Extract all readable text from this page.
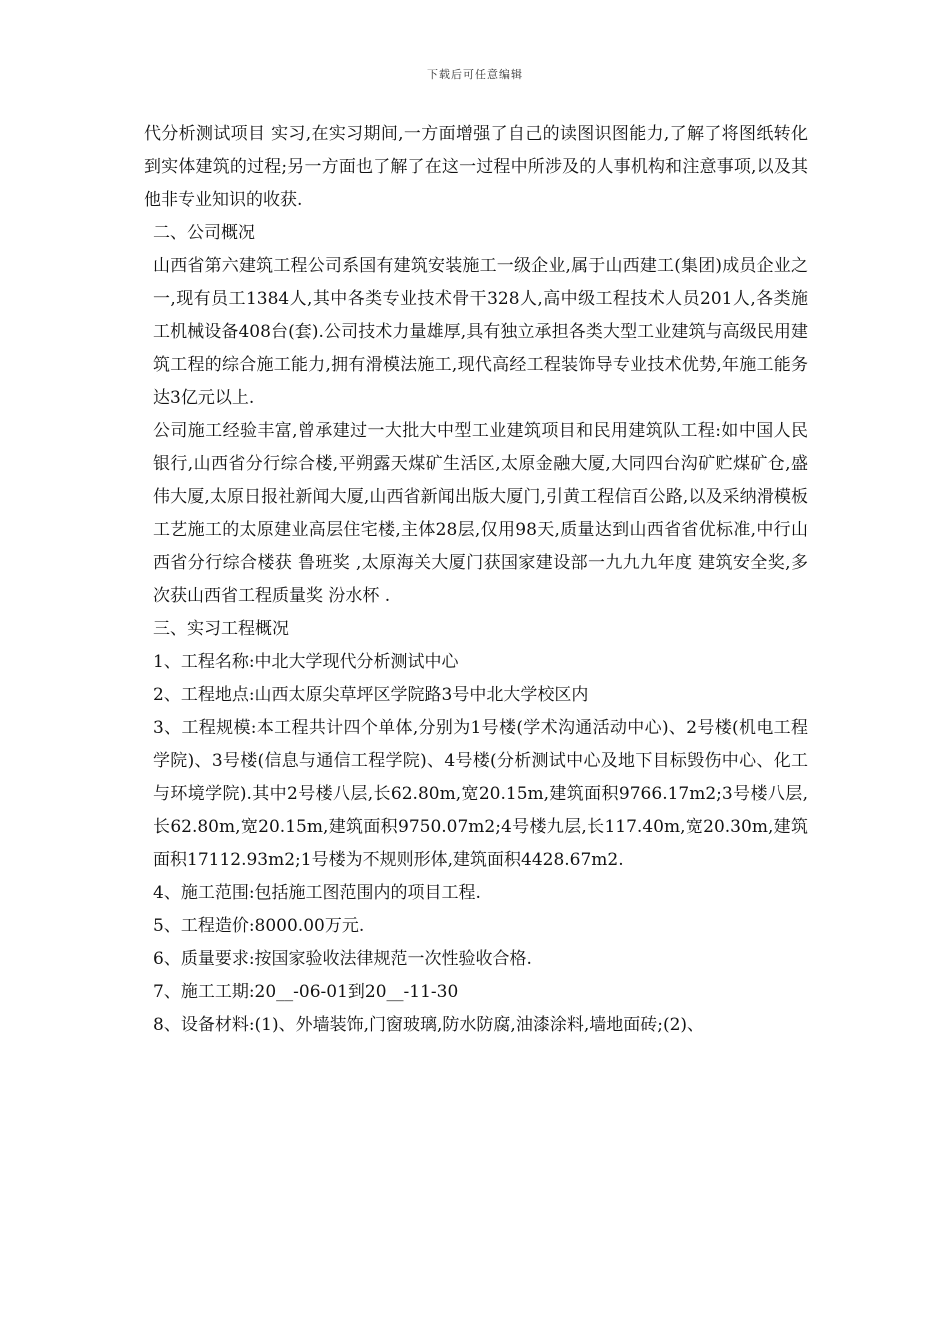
下载后可任意编辑

代分析测试项目 实习,在实习期间,一方面增强了自己的读图识图能力,了解了将图纸转化到实体建筑的过程;另一方面也了解了在这一过程中所涉及的人事机构和注意事项,以及其他非专业知识的收获.

二、公司概况

山西省第六建筑工程公司系国有建筑安装施工一级企业,属于山西建工(集团)成员企业之一,现有员工1384人,其中各类专业技术骨干328人,高中级工程技术人员201人,各类施工机械设备408台(套).公司技术力量雄厚,具有独立承担各类大型工业建筑与高级民用建筑工程的综合施工能力,拥有滑模法施工,现代高经工程装饰导专业技术优势,年施工能务达3亿元以上.

公司施工经验丰富,曾承建过一大批大中型工业建筑项目和民用建筑队工程:如中国人民银行,山西省分行综合楼,平朔露天煤矿生活区,太原金融大厦,大同四台沟矿贮煤矿仓,盛伟大厦,太原日报社新闻大厦,山西省新闻出版大厦门,引黄工程信百公路,以及采纳滑模板工艺施工的太原建业高层住宅楼,主体28层,仅用98天,质量达到山西省省优标准,中行山西省分行综合楼获 鲁班奖 ,太原海关大厦门获国家建设部一九九九年度 建筑安全奖,多次获山西省工程质量奖 汾水杯 .

三、实习工程概况

1、工程名称:中北大学现代分析测试中心

2、工程地点:山西太原尖草坪区学院路3号中北大学校区内

3、工程规模:本工程共计四个单体,分别为1号楼(学术沟通活动中心)、2号楼(机电工程学院)、3号楼(信息与通信工程学院)、4号楼(分析测试中心及地下目标毁伤中心、化工与环境学院).其中2号楼八层,长62.80m,宽20.15m,建筑面积9766.17m2;3号楼八层,长62.80m,宽20.15m,建筑面积9750.07m2;4号楼九层,长117.40m,宽20.30m,建筑面积17112.93m2;1号楼为不规则形体,建筑面积4428.67m2.

4、施工范围:包括施工图范围内的项目工程.

5、工程造价:8000.00万元.

6、质量要求:按国家验收法律规范一次性验收合格.

7、施工工期:20__-06-01到20__-11-30

8、设备材料:(1)、外墙装饰,门窗玻璃,防水防腐,油漆涂料,墙地面砖;(2)、
